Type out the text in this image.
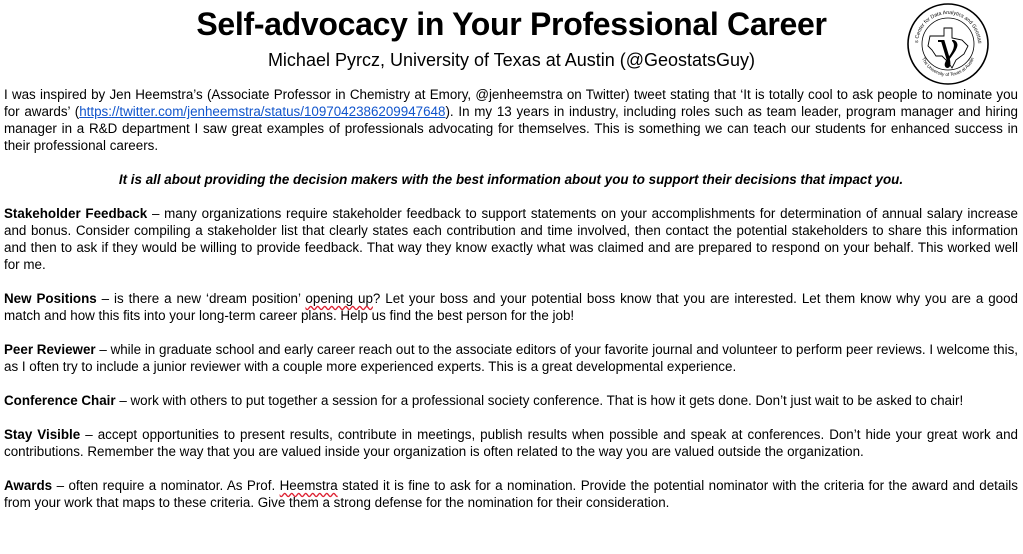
Self-advocacy in Your Professional Career
Michael Pyrcz, University of Texas at Austin (@GeostatsGuy)
s Center for Data Analytics and Geostati
The University of Texas at Austin
γ

I was inspired by Jen Heemstra’s (Associate Professor in Chemistry at Emory, @jenheemstra on Twitter) tweet stating that ‘It is totally cool to ask people to nominate you for awards’ (https://twitter.com/jenheemstra/status/1097042386209947648). In my 13 years in industry, including roles such as team leader, program manager and hiring manager in a R&D department I saw great examples of professionals advocating for themselves. This is something we can teach our students for enhanced success in their professional careers.

It is all about providing the decision makers with the best information about you to support their decisions that impact you.

Stakeholder Feedback – many organizations require stakeholder feedback to support statements on your accomplishments for determination of annual salary increase and bonus. Consider compiling a stakeholder list that clearly states each contribution and time involved, then contact the potential stakeholders to share this information and then to ask if they would be willing to provide feedback. That way they know exactly what was claimed and are prepared to respond on your behalf. This worked well for me.

New Positions – is there a new ‘dream position’ opening up? Let your boss and your potential boss know that you are interested. Let them know why you are a good match and how this fits into your long-term career plans. Help us find the best person for the job!

Peer Reviewer – while in graduate school and early career reach out to the associate editors of your favorite journal and volunteer to perform peer reviews. I welcome this, as I often try to include a junior reviewer with a couple more experienced experts. This is a great developmental experience.

Conference Chair – work with others to put together a session for a professional society conference. That is how it gets done. Don’t just wait to be asked to chair!

Stay Visible – accept opportunities to present results, contribute in meetings, publish results when possible and speak at conferences. Don’t hide your great work and contributions. Remember the way that you are valued inside your organization is often related to the way you are valued outside the organization.

Awards – often require a nominator. As Prof. Heemstra stated it is fine to ask for a nomination. Provide the potential nominator with the criteria for the award and details from your work that maps to these criteria. Give them a strong defense for the nomination for their consideration.
